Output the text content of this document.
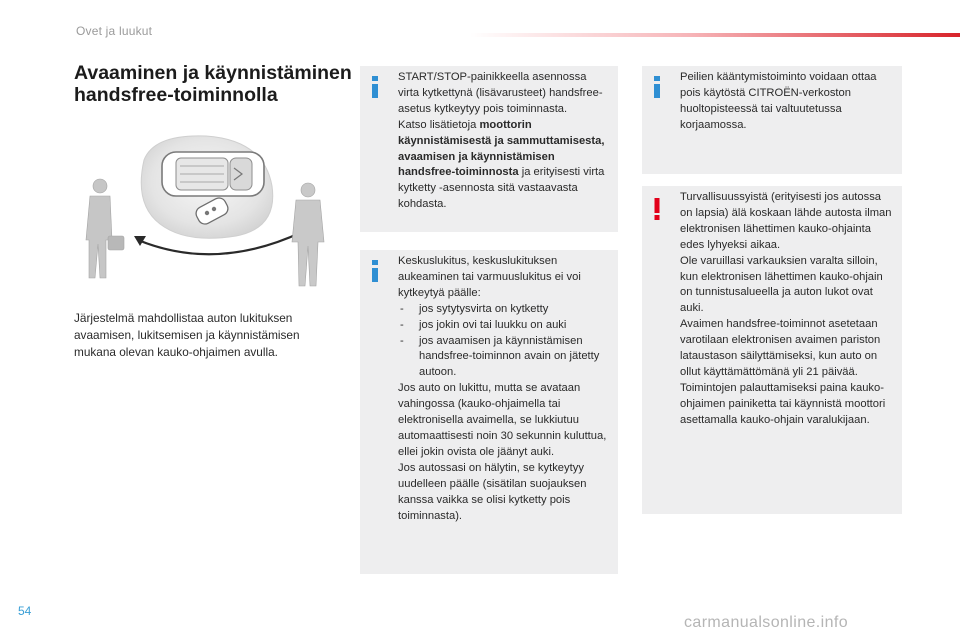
Ovet ja luukut
Avaaminen ja käynnistäminen handsfree-toiminnolla

Järjestelmä mahdollistaa auton lukituksen avaamisen, lukitsemisen ja käynnistämisen mukana olevan kauko-ohjaimen avulla.

START/STOP-painikkeella asennossa virta kytkettynä (lisävarusteet) handsfree-asetus kytkeytyy pois toiminnasta.

Katso lisätietoja moottorin käynnistämisestä ja sammuttamisesta, avaamisen ja käynnistämisen handsfree-toiminnosta ja erityisesti virta kytketty -asennosta sitä vastaavasta kohdasta.

Keskuslukitus, keskuslukituksen aukeaminen tai varmuuslukitus ei voi kytkeytyä päälle:

- jos sytytysvirta on kytketty
- jos jokin ovi tai luukku on auki
- jos avaamisen ja käynnistämisen handsfree-toiminnon avain on jätetty autoon.

Jos auto on lukittu, mutta se avataan vahingossa (kauko-ohjaimella tai elektronisella avaimella, se lukkiutuu automaattisesti noin 30 sekunnin kuluttua, ellei jokin ovista ole jäänyt auki.

Jos autossasi on hälytin, se kytkeytyy uudelleen päälle (sisätilan suojauksen kanssa vaikka se olisi kytketty pois toiminnasta).

Peilien kääntymistoiminto voidaan ottaa pois käytöstä CITROËN-verkoston huoltopisteessä tai valtuutetussa korjaamossa.

Turvallisuussyistä (erityisesti jos autossa on lapsia) älä koskaan lähde autosta ilman elektronisen lähettimen kauko-ohjainta edes lyhyeksi aikaa.

Ole varuillasi varkauksien varalta silloin, kun elektronisen lähettimen kauko-ohjain on tunnistusalueella ja auton lukot ovat auki.

Avaimen handsfree-toiminnot asetetaan varotilaan elektronisen avaimen pariston lataustason säilyttämiseksi, kun auto on ollut käyttämättömänä yli 21 päivää.

Toimintojen palauttamiseksi paina kauko-ohjaimen painiketta tai käynnistä moottori asettamalla kauko-ohjain varalukijaan.

54
carmanualsonline.info
